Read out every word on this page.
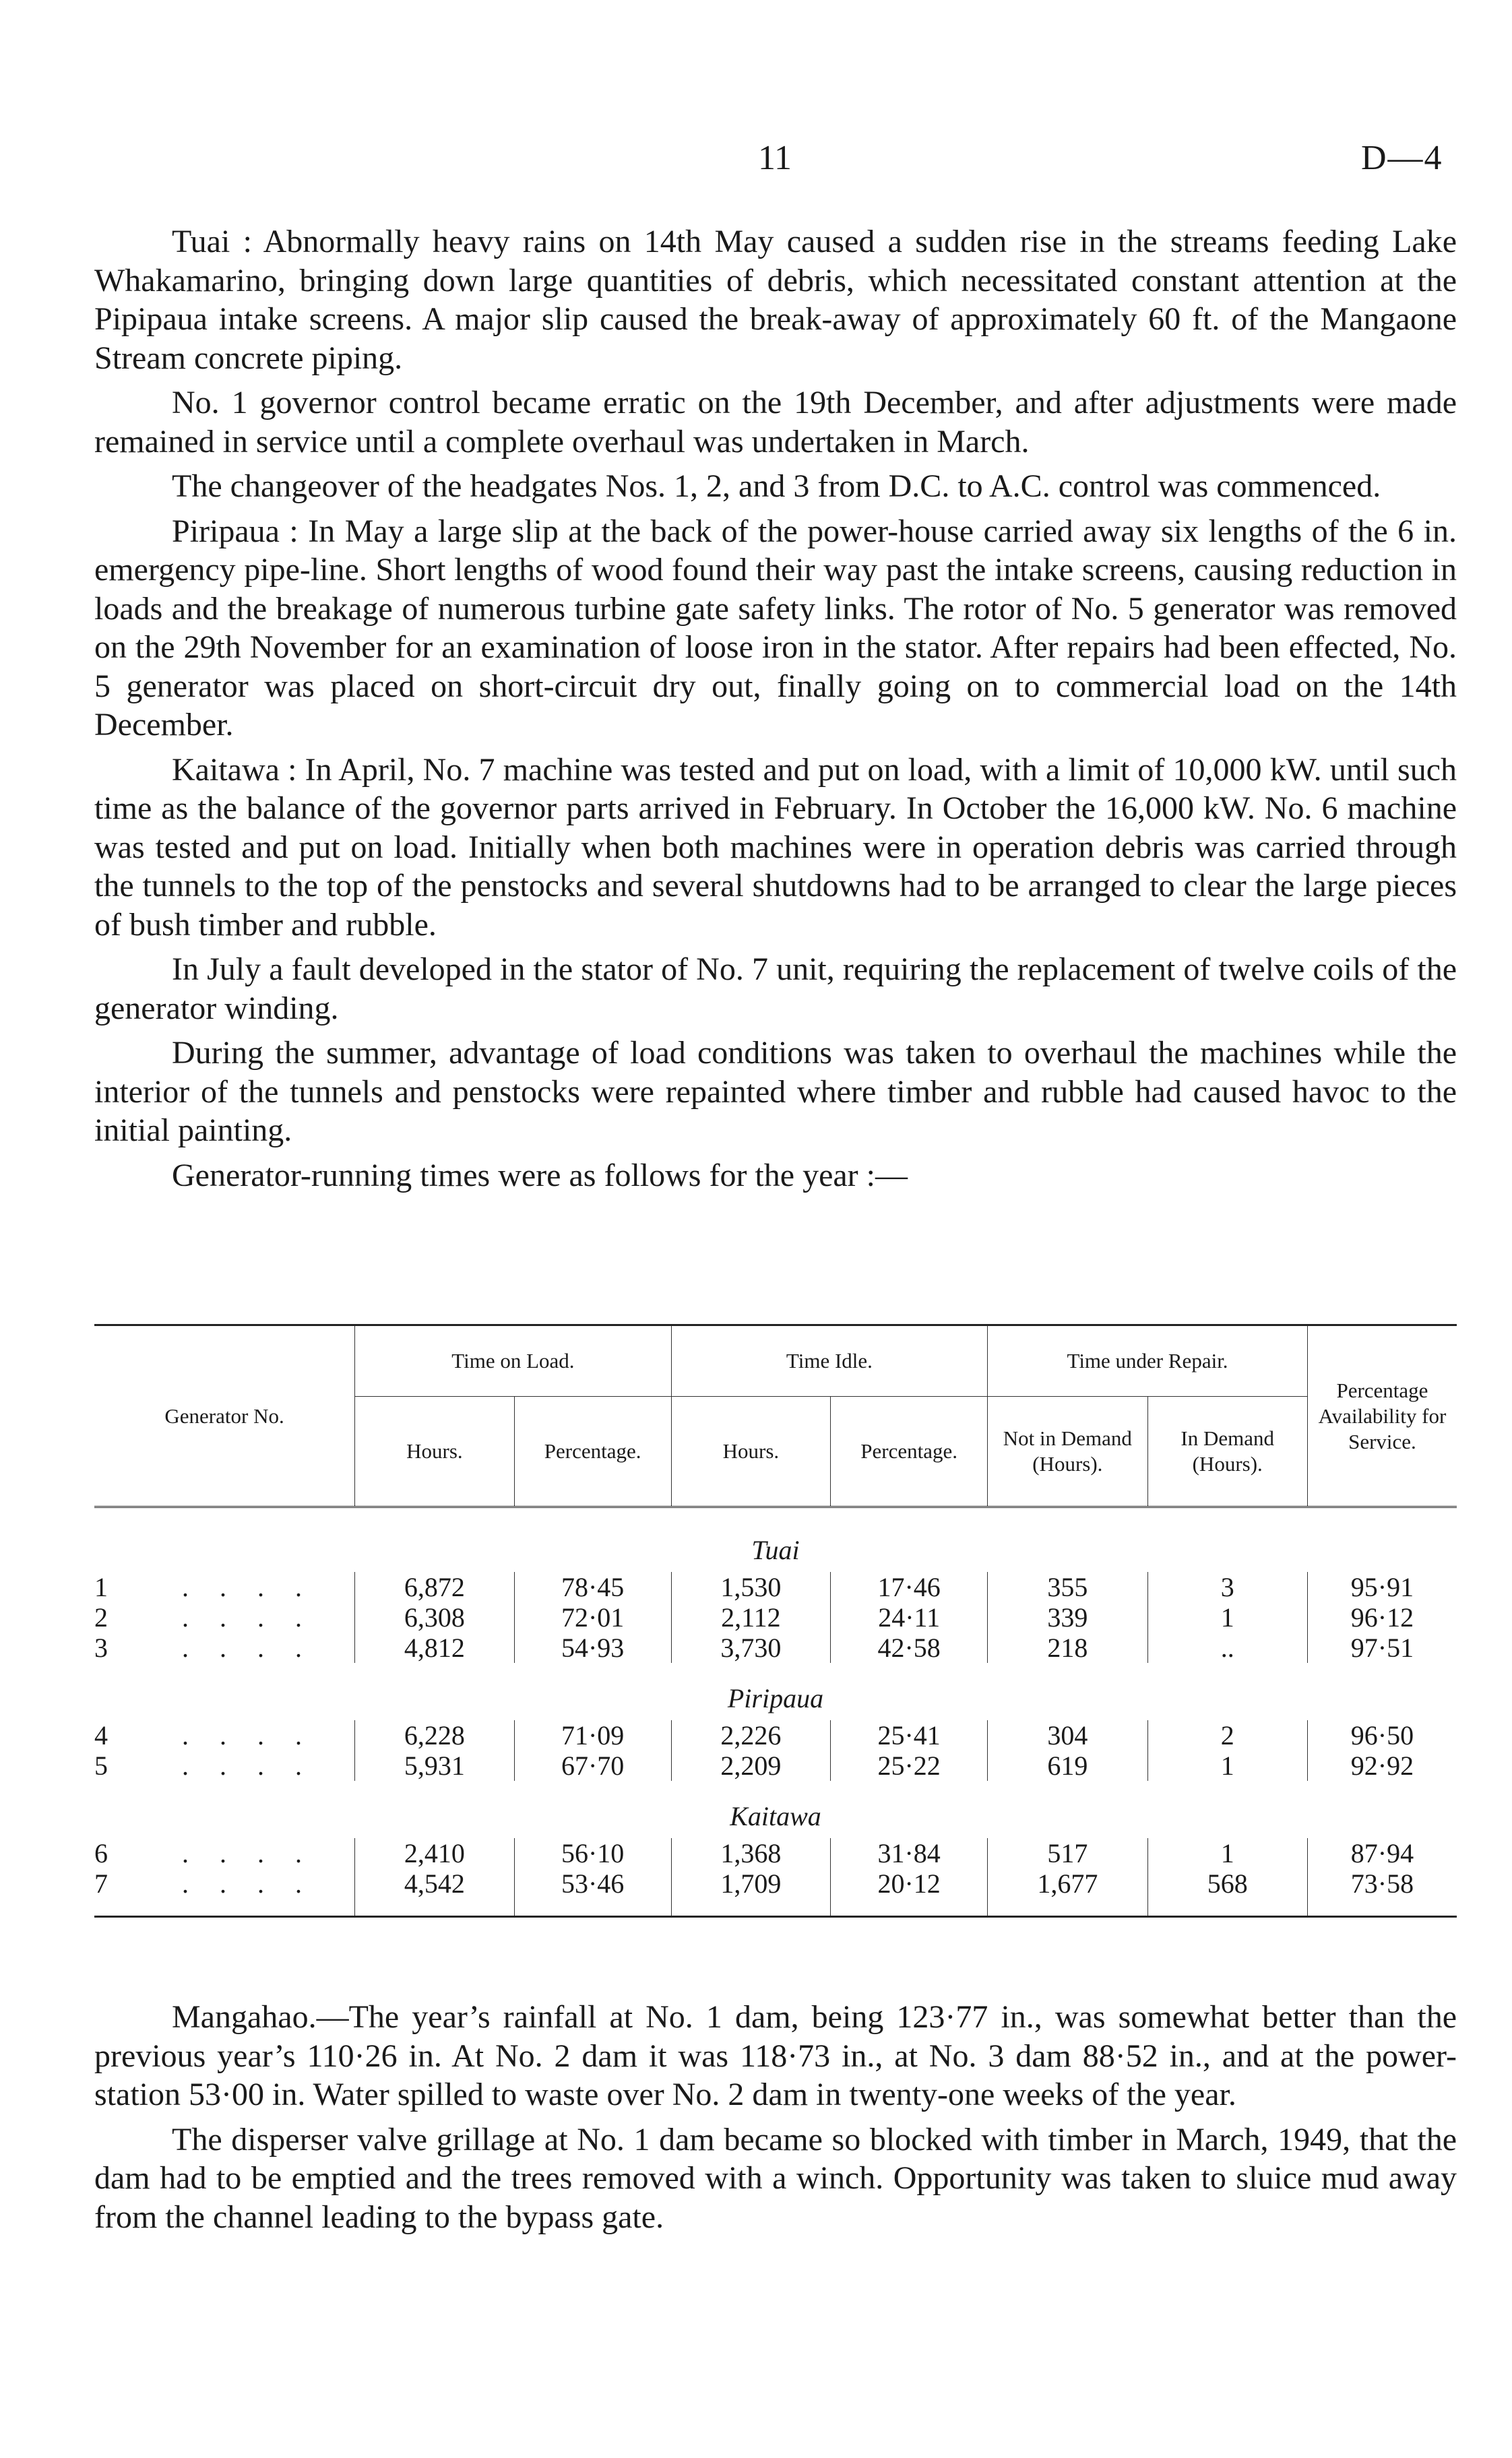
11	D—4

Tuai : Abnormally heavy rains on 14th May caused a sudden rise in the streams feeding Lake Whakamarino, bringing down large quantities of debris, which necessitated constant attention at the Pipipaua intake screens. A major slip caused the break-away of approximately 60 ft. of the Mangaone Stream concrete piping.

No. 1 governor control became erratic on the 19th December, and after adjustments were made remained in service until a complete overhaul was undertaken in March.

The changeover of the headgates Nos. 1, 2, and 3 from D.C. to A.C. control was commenced.

Piripaua : In May a large slip at the back of the power-house carried away six lengths of the 6 in. emergency pipe-line. Short lengths of wood found their way past the intake screens, causing reduction in loads and the breakage of numerous turbine gate safety links. The rotor of No. 5 generator was removed on the 29th November for an examination of loose iron in the stator. After repairs had been effected, No. 5 generator was placed on short-circuit dry out, finally going on to commercial load on the 14th December.

Kaitawa : In April, No. 7 machine was tested and put on load, with a limit of 10,000 kW. until such time as the balance of the governor parts arrived in February. In October the 16,000 kW. No. 6 machine was tested and put on load. Initially when both machines were in operation debris was carried through the tunnels to the top of the penstocks and several shutdowns had to be arranged to clear the large pieces of bush timber and rubble.

In July a fault developed in the stator of No. 7 unit, requiring the replacement of twelve coils of the generator winding.

During the summer, advantage of load conditions was taken to overhaul the machines while the interior of the tunnels and penstocks were repainted where timber and rubble had caused havoc to the initial painting.

Generator-running times were as follows for the year :—

Generator No.	Time on Load.		Time Idle.		Time under Repair.		Percentage Availability for Service.
	Hours.	Percentage.	Hours.	Percentage.	Not in Demand (Hours).	In Demand (Hours).	
Tuai							
1 . . . .	6,872	78·45	1,530	17·46	355	3	95·91
2 . . . .	6,308	72·01	2,112	24·11	339	1	96·12
3 . . . .	4,812	54·93	3,730	42·58	218	..	97·51
Piripaua							
4 . . . .	6,228	71·09	2,226	25·41	304	2	96·50
5 . . . .	5,931	67·70	2,209	25·22	619	1	92·92
Kaitawa							
6 . . . .	2,410	56·10	1,368	31·84	517	1	87·94
7 . . . .	4,542	53·46	1,709	20·12	1,677	568	73·58

Mangahao.—The year’s rainfall at No. 1 dam, being 123·77 in., was somewhat better than the previous year’s 110·26 in. At No. 2 dam it was 118·73 in., at No. 3 dam 88·52 in., and at the power-station 53·00 in. Water spilled to waste over No. 2 dam in twenty-one weeks of the year.

The disperser valve grillage at No. 1 dam became so blocked with timber in March, 1949, that the dam had to be emptied and the trees removed with a winch. Opportunity was taken to sluice mud away from the channel leading to the bypass gate.
